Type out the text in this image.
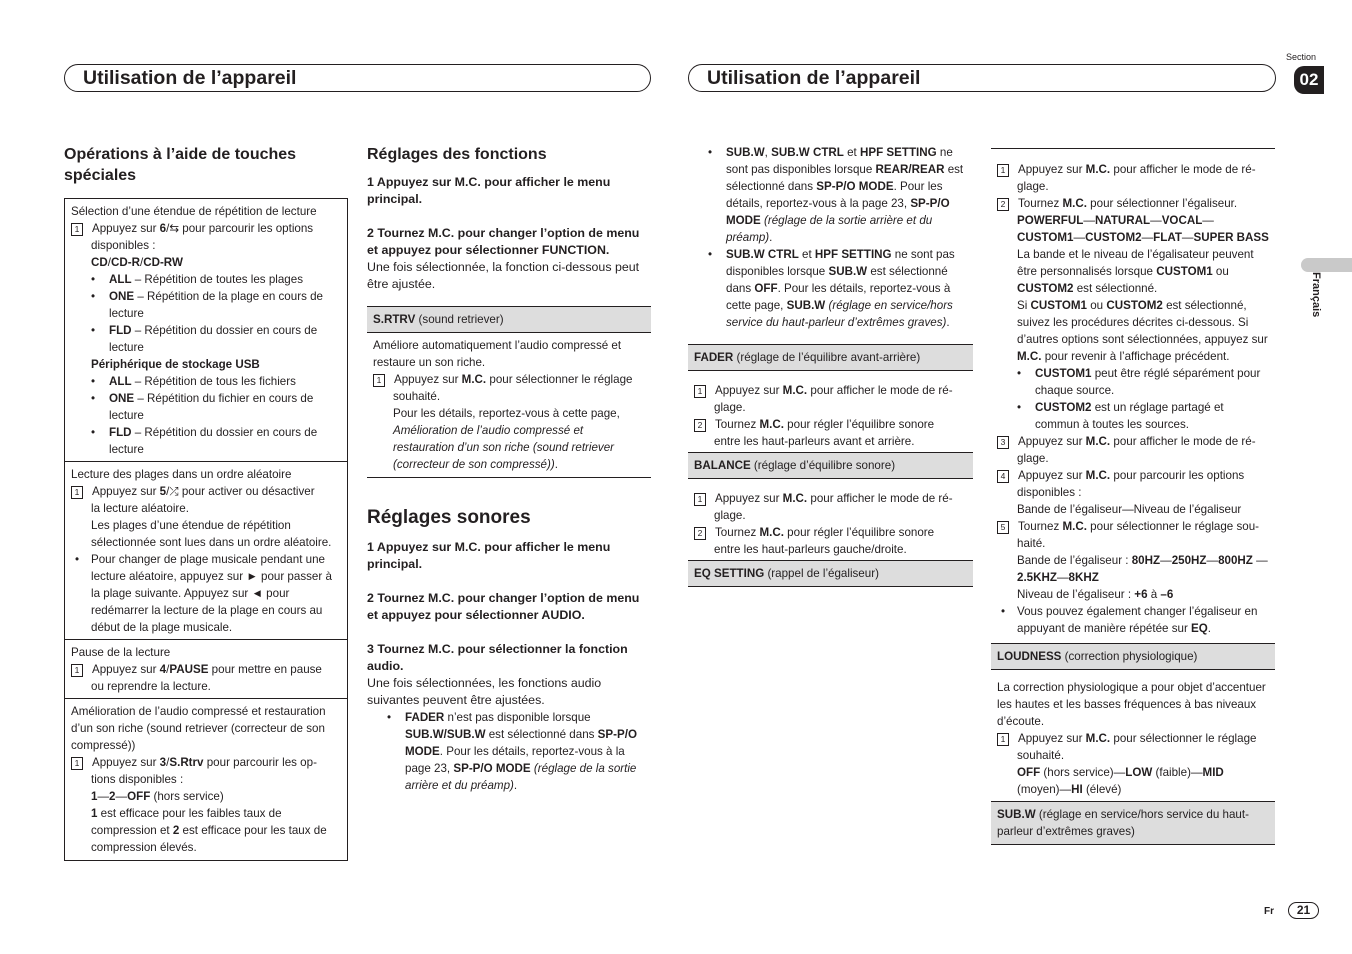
Utilisation de l’appareil	Utilisation de l’appareil
Section
02
Français
Fr	21

Opérations à l’aide de touches spéciales

Sélection d’une étendue de répétition de lecture

1 Appuyez sur 6/⇆ pour parcourir les options

disponibles :

CD/CD-R/CD-RW

• ALL – Répétition de toutes les plages

• ONE – Répétition de la plage en cours de lecture

• FLD – Répétition du dossier en cours de lecture

Périphérique de stockage USB

• ALL – Répétition de tous les fichiers

• ONE – Répétition du fichier en cours de lecture

• FLD – Répétition du dossier en cours de lecture

Lecture des plages dans un ordre aléatoire

1 Appuyez sur 5/⤮ pour activer ou désactiver

la lecture aléatoire.

Les plages d’une étendue de répétition sélectionnée sont lues dans un ordre aléatoire.

• Pour changer de plage musicale pendant une lecture aléatoire, appuyez sur ► pour passer à la plage suivante. Appuyez sur ◄ pour redémarrer la lecture de la plage en cours au début de la plage musicale.

Pause de la lecture

1 Appuyez sur 4/PAUSE pour mettre en pause

ou reprendre la lecture.

Amélioration de l’audio compressé et restauration d’un son riche (sound retriever (correcteur de son compressé))

1 Appuyez sur 3/S.Rtrv pour parcourir les op-

tions disponibles :

1—2—OFF (hors service)

1 est efficace pour les faibles taux de compression et 2 est efficace pour les taux de compression élevés.

Réglages des fonctions

1 Appuyez sur M.C. pour afficher le menu principal.

2 Tournez M.C. pour changer l’option de menu et appuyez pour sélectionner FUNCTION.

Une fois sélectionnée, la fonction ci-dessous peut être ajustée.

S.RTRV (sound retriever)

Améliore automatiquement l’audio compressé et restaure un son riche.

1 Appuyez sur M.C. pour sélectionner le réglage

souhaité.

Pour les détails, reportez-vous à cette page, Amélioration de l’audio compressé et restauration d’un son riche (sound retriever (correcteur de son compressé)).

Réglages sonores

1 Appuyez sur M.C. pour afficher le menu principal.

2 Tournez M.C. pour changer l’option de menu et appuyez pour sélectionner AUDIO.

3 Tournez M.C. pour sélectionner la fonction audio.

Une fois sélectionnées, les fonctions audio suivantes peuvent être ajustées.

• FADER n’est pas disponible lorsque SUB.W/SUB.W est sélectionné dans SP-P/O MODE. Pour les détails, reportez-vous à la page 23, SP-P/O MODE (réglage de la sortie arrière et du préamp).

• SUB.W, SUB.W CTRL et HPF SETTING ne sont pas disponibles lorsque REAR/REAR est sélectionné dans SP-P/O MODE. Pour les détails, reportez-vous à la page 23, SP-P/O MODE (réglage de la sortie arrière et du préamp).

• SUB.W CTRL et HPF SETTING ne sont pas disponibles lorsque SUB.W est sélectionné dans OFF. Pour les détails, reportez-vous à cette page, SUB.W (réglage en service/hors service du haut-parleur d’extrêmes graves).

FADER (réglage de l’équilibre avant-arrière)

1 Appuyez sur M.C. pour afficher le mode de ré-

glage.

2 Tournez M.C. pour régler l’équilibre sonore

entre les haut-parleurs avant et arrière.

BALANCE (réglage d’équilibre sonore)

1 Appuyez sur M.C. pour afficher le mode de ré-

glage.

2 Tournez M.C. pour régler l’équilibre sonore

entre les haut-parleurs gauche/droite.

EQ SETTING (rappel de l’égaliseur)

1 Appuyez sur M.C. pour afficher le mode de ré-

glage.

2 Tournez M.C. pour sélectionner l’égaliseur.

POWERFUL—NATURAL—VOCAL—CUSTOM1—CUSTOM2—FLAT—SUPER BASS

La bande et le niveau de l’égalisateur peuvent être personnalisés lorsque CUSTOM1 ou CUSTOM2 est sélectionné.

Si CUSTOM1 ou CUSTOM2 est sélectionné, suivez les procédures décrites ci-dessous. Si d’autres options sont sélectionnées, appuyez sur M.C. pour revenir à l’affichage précédent.

• CUSTOM1 peut être réglé séparément pour chaque source.

• CUSTOM2 est un réglage partagé et commun à toutes les sources.

3 Appuyez sur M.C. pour afficher le mode de ré-

glage.

4 Appuyez sur M.C. pour parcourir les options

disponibles :

Bande de l’égaliseur—Niveau de l’égaliseur

5 Tournez M.C. pour sélectionner le réglage sou-

haité.

Bande de l’égaliseur : 80HZ—250HZ—800HZ —2.5KHZ—8KHZ

Niveau de l’égaliseur : +6 à –6

• Vous pouvez également changer l’égaliseur en appuyant de manière répétée sur EQ.

LOUDNESS (correction physiologique)

La correction physiologique a pour objet d’accentuer les hautes et les basses fréquences à bas niveaux d’écoute.

1 Appuyez sur M.C. pour sélectionner le réglage

souhaité.

OFF (hors service)—LOW (faible)—MID (moyen)—HI (élevé)

SUB.W (réglage en service/hors service du haut-parleur d’extrêmes graves)
